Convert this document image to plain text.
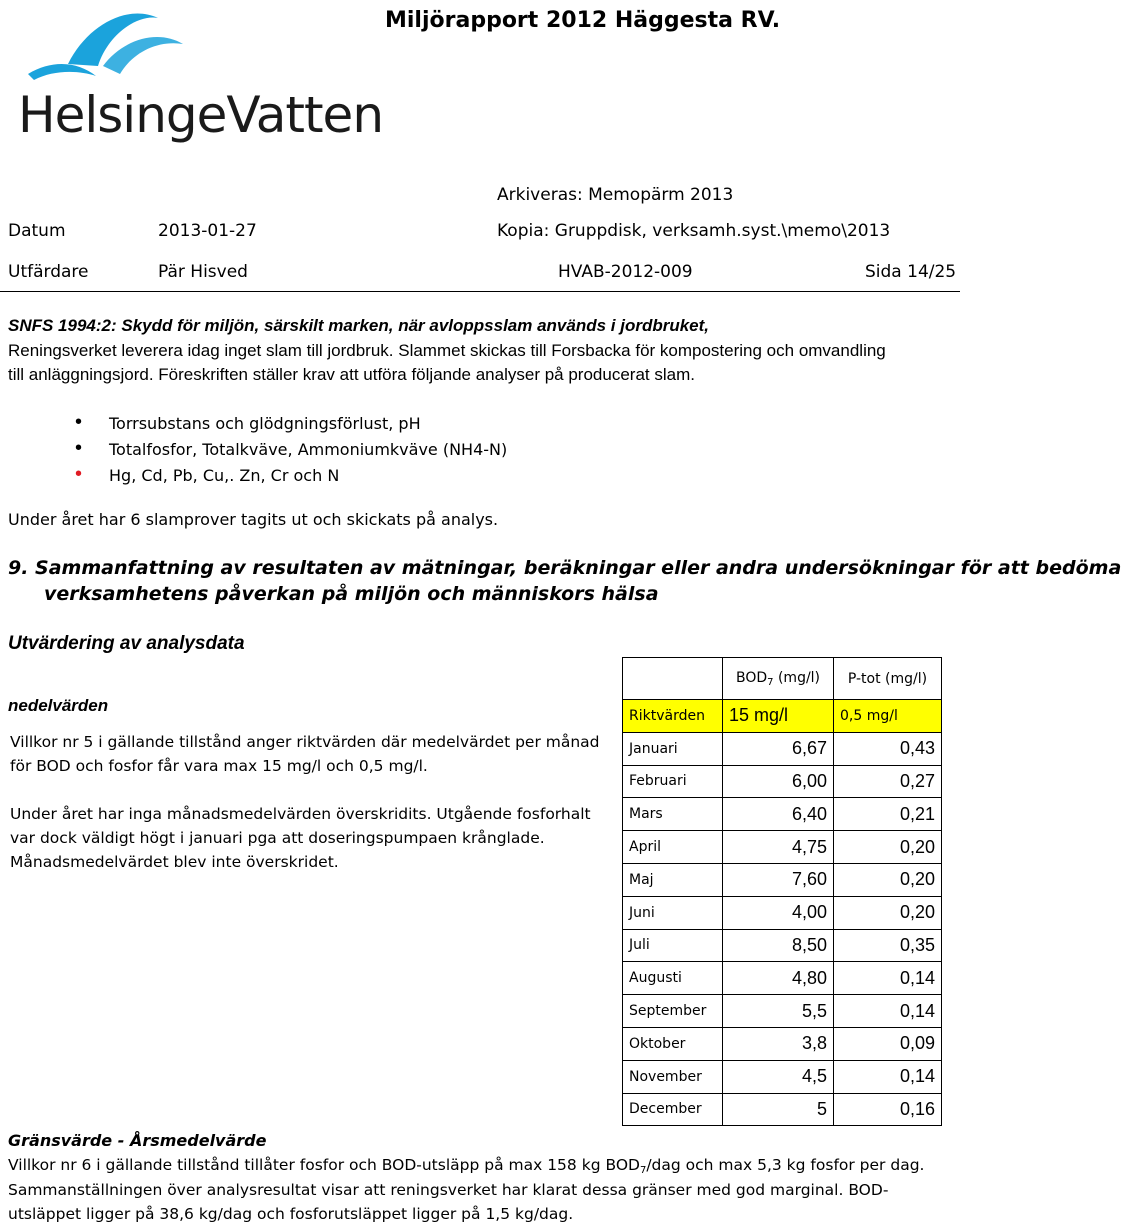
HelsingeVatten
Miljörapport 2012 Häggesta RV.
Arkiveras: Memopärm 2013
Datum	2013-01-27	Kopia: Gruppdisk, verksamh.syst.\memo\2013
Utfärdare	Pär Hisved	HVAB-2012-009	Sida 14/25
SNFS 1994:2: Skydd för miljön, särskilt marken, när avloppsslam används i jordbruket,
Reningsverket leverera idag inget slam till jordbruk. Slammet skickas till Forsbacka för kompostering och omvandling
till anläggningsjord. Föreskriften ställer krav att utföra följande analyser på producerat slam.
• Torrsubstans och glödgningsförlust, pH
• Totalfosfor, Totalkväve, Ammoniumkväve (NH4-N)
• Hg, Cd, Pb, Cu,. Zn, Cr och N
Under året har 6 slamprover tagits ut och skickats på analys.
9. Sammanfattning av resultaten av mätningar, beräkningar eller andra undersökningar för att bedöma
verksamhetens påverkan på miljön och människors hälsa
Utvärdering av analysdata
nedelvärden
Villkor nr 5 i gällande tillstånd anger riktvärden där medelvärdet per månad
för BOD och fosfor får vara max 15 mg/l och 0,5 mg/l.
Under året har inga månadsmedelvärden överskridits. Utgående fosforhalt
var dock väldigt högt i januari pga att doseringspumpaen krånglade.
Månadsmedelvärdet blev inte överskridet.
	$BOD_7$ (mg/l)	P-tot (mg/l)
Riktvärden	15 mg/l	0,5 mg/l
Januari	6,67	0,43
Februari	6,00	0,27
Mars	6,40	0,21
April	4,75	0,20
Maj	7,60	0,20
Juni	4,00	0,20
Juli	8,50	0,35
Augusti	4,80	0,14
September	5,5	0,14
Oktober	3,8	0,09
November	4,5	0,14
December	5	0,16
Gränsvärde - Årsmedelvärde
Villkor nr 6 i gällande tillstånd tillåter fosfor och BOD-utsläpp på max 158 kg $BOD_7$/dag och max 5,3 kg fosfor per dag.
Sammanställningen över analysresultat visar att reningsverket har klarat dessa gränser med god marginal. BOD-
utsläppet ligger på 38,6 kg/dag och fosforutsläppet ligger på 1,5 kg/dag.
